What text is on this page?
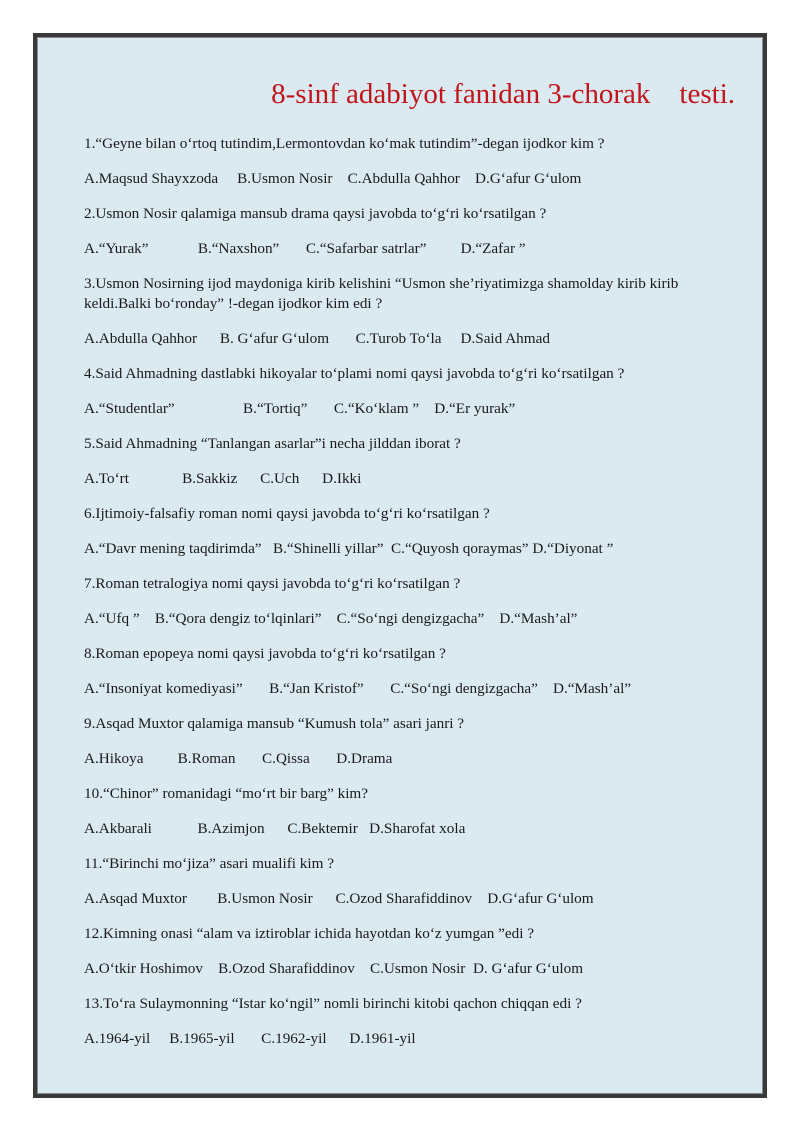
8-sinf adabiyot fanidan 3-chorak    testi.

1.“Geyne bilan o‘rtoq tutindim,Lermontovdan ko‘mak tutindim”-degan ijodkor kim ?

A.Maqsud Shayxzoda     B.Usmon Nosir    C.Abdulla Qahhor    D.G‘afur G‘ulom

2.Usmon Nosir qalamiga mansub drama qaysi javobda to‘g‘ri ko‘rsatilgan ?

A.“Yurak”             B.“Naxshon”       C.“Safarbar satrlar”         D.“Zafar ”

3.Usmon Nosirning ijod maydoniga kirib kelishini “Usmon she’riyatimizga shamolday kirib kirib keldi.Balki bo‘ronday” !-degan ijodkor kim edi ?

A.Abdulla Qahhor      B. G‘afur G‘ulom       C.Turob To‘la     D.Said Ahmad

4.Said Ahmadning dastlabki hikoyalar to‘plami nomi qaysi javobda to‘g‘ri ko‘rsatilgan ?

A.“Studentlar”                  B.“Tortiq”       C.“Ko‘klam ”    D.“Er yurak”

5.Said Ahmadning “Tanlangan asarlar”i necha jilddan iborat ?

A.To‘rt              B.Sakkiz      C.Uch      D.Ikki

6.Ijtimoiy-falsafiy roman nomi qaysi javobda to‘g‘ri ko‘rsatilgan ?

A.“Davr mening taqdirimda”   B.“Shinelli yillar”  C.“Quyosh qoraymas” D.“Diyonat ”

7.Roman tetralogiya nomi qaysi javobda to‘g‘ri ko‘rsatilgan ?

A.“Ufq ”    B.“Qora dengiz to‘lqinlari”    C.“So‘ngi dengizgacha”    D.“Mash’al”

8.Roman epopeya nomi qaysi javobda to‘g‘ri ko‘rsatilgan ?

A.“Insoniyat komediyasi”       B.“Jan Kristof”       C.“So‘ngi dengizgacha”    D.“Mash’al”

9.Asqad Muxtor qalamiga mansub “Kumush tola” asari janri ?

A.Hikoya         B.Roman       C.Qissa       D.Drama

10.“Chinor” romanidagi “mo‘rt bir barg” kim?

A.Akbarali            B.Azimjon      C.Bektemir   D.Sharofat xola

11.“Birinchi mo‘jiza” asari mualifi kim ?

A.Asqad Muxtor        B.Usmon Nosir      C.Ozod Sharafiddinov    D.G‘afur G‘ulom

12.Kimning onasi “alam va iztiroblar ichida hayotdan ko‘z yumgan ”edi ?

A.O‘tkir Hoshimov    B.Ozod Sharafiddinov    C.Usmon Nosir  D. G‘afur G‘ulom

13.To‘ra Sulaymonning “Istar ko‘ngil” nomli birinchi kitobi qachon chiqqan edi ?

A.1964-yil     B.1965-yil       C.1962-yil      D.1961-yil
